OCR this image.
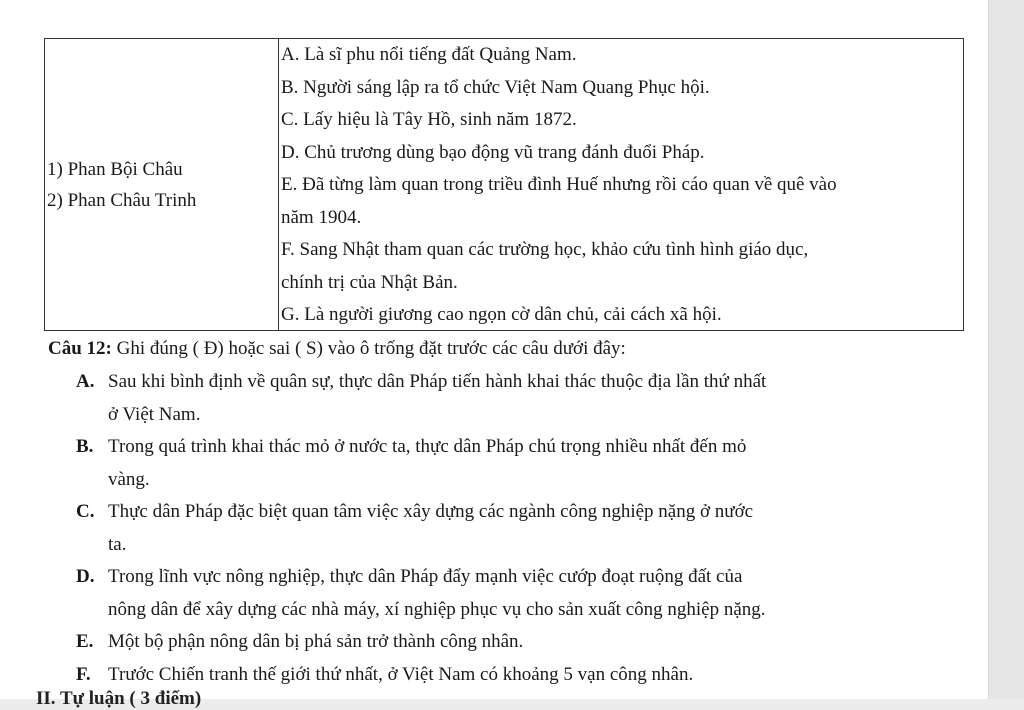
1) Phan Bội Châu
2) Phan Châu Trinh
A. Là sĩ phu nổi tiếng đất Quảng Nam.
B. Người sáng lập ra tổ chức Việt Nam Quang Phục hội.
C. Lấy hiệu là Tây Hồ, sinh năm 1872.
D. Chủ trương dùng bạo động vũ trang đánh đuổi Pháp.
E. Đã từng làm quan trong triều đình Huế nhưng rồi cáo quan về quê vào
năm 1904.
F. Sang Nhật tham quan các trường học, khảo cứu tình hình giáo dục,
chính trị của Nhật Bản.
G. Là người giương cao ngọn cờ dân chủ, cải cách xã hội.
Câu 12: Ghi đúng ( Đ) hoặc sai ( S) vào ô trống đặt trước các câu dưới đây:
A. Sau khi bình định về quân sự, thực dân Pháp tiến hành khai thác thuộc địa lần thứ nhất
ở Việt Nam.
B. Trong quá trình khai thác mỏ ở nước ta, thực dân Pháp chú trọng nhiều nhất đến mỏ
vàng.
C. Thực dân Pháp đặc biệt quan tâm việc xây dựng các ngành công nghiệp nặng ở nước
ta.
D. Trong lĩnh vực nông nghiệp, thực dân Pháp đẩy mạnh việc cướp đoạt ruộng đất của
nông dân để xây dựng các nhà máy, xí nghiệp phục vụ cho sản xuất công nghiệp nặng.
E. Một bộ phận nông dân bị phá sản trở thành công nhân.
F. Trước Chiến tranh thế giới thứ nhất, ở Việt Nam có khoảng 5 vạn công nhân.
II. Tự luận ( 3 điểm)
